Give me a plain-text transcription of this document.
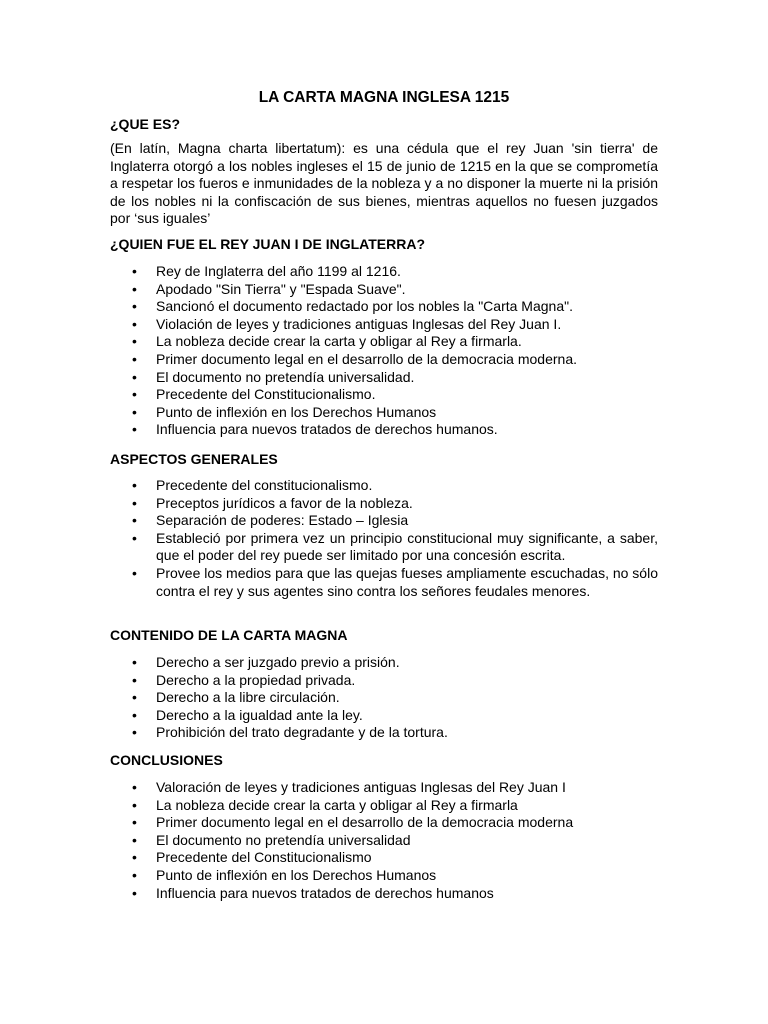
LA CARTA MAGNA INGLESA 1215
¿QUE ES?

(En latín, Magna charta libertatum): es una cédula que el rey Juan 'sin tierra' de Inglaterra otorgó a los nobles ingleses el 15 de junio de 1215 en la que se comprometía a respetar los fueros e inmunidades de la nobleza y a no disponer la muerte ni la prisión de los nobles ni la confiscación de sus bienes, mientras aquellos no fuesen juzgados por ‘sus iguales’

¿QUIEN FUE EL REY JUAN I DE INGLATERRA?
• Rey de Inglaterra del año 1199 al 1216.
• Apodado "Sin Tierra" y "Espada Suave".
• Sancionó el documento redactado por los nobles la "Carta Magna".
• Violación de leyes y tradiciones antiguas Inglesas del Rey Juan I.
• La nobleza decide crear la carta y obligar al Rey a firmarla.
• Primer documento legal en el desarrollo de la democracia moderna.
• El documento no pretendía universalidad.
• Precedente del Constitucionalismo.
• Punto de inflexión en los Derechos Humanos
• Influencia para nuevos tratados de derechos humanos.
ASPECTOS GENERALES
• Precedente del constitucionalismo.
• Preceptos jurídicos a favor de la nobleza.
• Separación de poderes: Estado – Iglesia
• Estableció por primera vez un principio constitucional muy significante, a saber, que el poder del rey puede ser limitado por una concesión escrita.
• Provee los medios para que las quejas fueses ampliamente escuchadas, no sólo contra el rey y sus agentes sino contra los señores feudales menores.
CONTENIDO DE LA CARTA MAGNA
• Derecho a ser juzgado previo a prisión.
• Derecho a la propiedad privada.
• Derecho a la libre circulación.
• Derecho a la igualdad ante la ley.
• Prohibición del trato degradante y de la tortura.
CONCLUSIONES
• Valoración de leyes y tradiciones antiguas Inglesas del Rey Juan I
• La nobleza decide crear la carta y obligar al Rey a firmarla
• Primer documento legal en el desarrollo de la democracia moderna
• El documento no pretendía universalidad
• Precedente del Constitucionalismo
• Punto de inflexión en los Derechos Humanos
• Influencia para nuevos tratados de derechos humanos
